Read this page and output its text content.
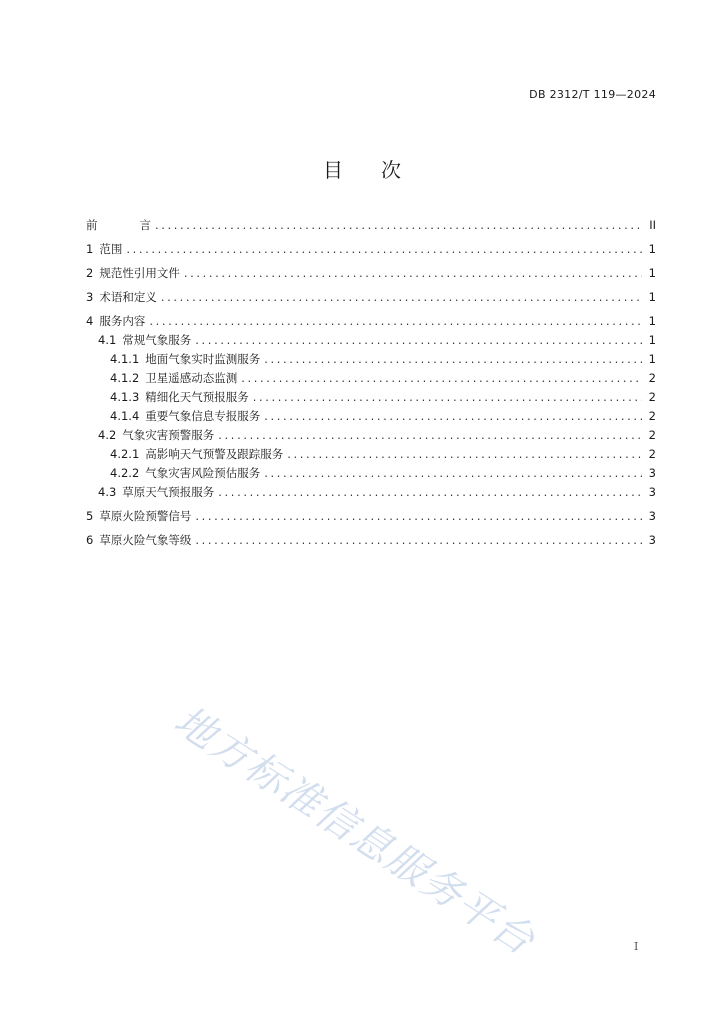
DB 2312/T 119—2024
目 次
前	言 .....	II
1 范围 .....	1
2 规范性引用文件 .....	1
3 术语和定义 .....	1
4 服务内容 .....	1
4.1 常规气象服务 .....	1
4.1.1 地面气象实时监测服务 .....	1
4.1.2 卫星遥感动态监测 .....	2
4.1.3 精细化天气预报服务 .....	2
4.1.4 重要气象信息专报服务 .....	2
4.2 气象灾害预警服务 .....	2
4.2.1 高影响天气预警及跟踪服务 .....	2
4.2.2 气象灾害风险预估服务 .....	3
4.3 草原天气预报服务 .....	3
5 草原火险预警信号 .....	3
6 草原火险气象等级 .....	3
地方标准信息服务平台	I
